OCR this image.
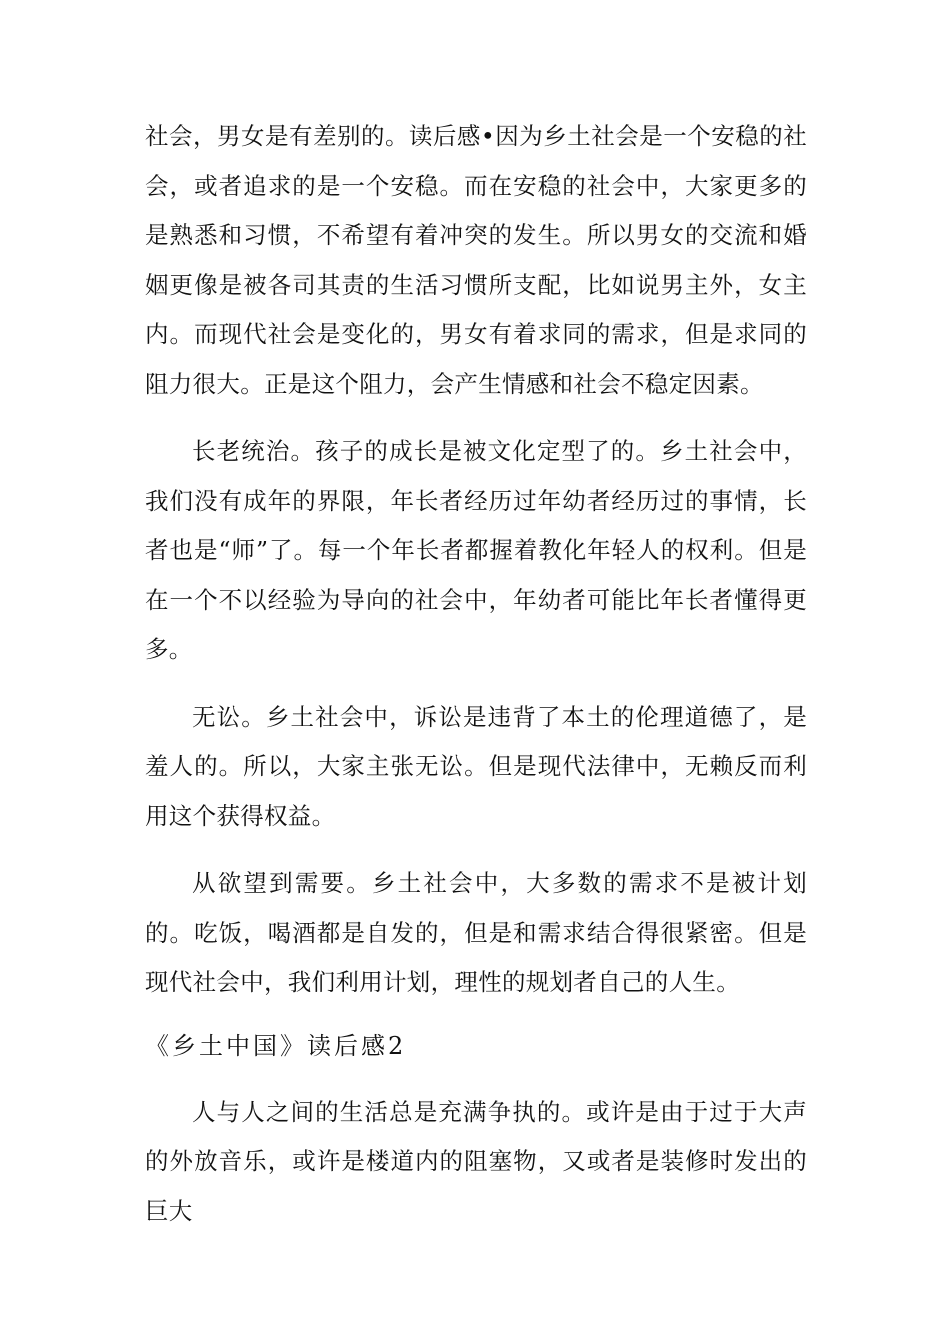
社会，男女是有差别的。读后感•因为乡土社会是一个安稳的社会，或者追求的是一个安稳。而在安稳的社会中，大家更多的是熟悉和习惯，不希望有着冲突的发生。所以男女的交流和婚姻更像是被各司其责的生活习惯所支配，比如说男主外，女主内。而现代社会是变化的，男女有着求同的需求，但是求同的阻力很大。正是这个阻力，会产生情感和社会不稳定因素。

长老统治。孩子的成长是被文化定型了的。乡土社会中，我们没有成年的界限，年长者经历过年幼者经历过的事情，长者也是“师”了。每一个年长者都握着教化年轻人的权利。但是在一个不以经验为导向的社会中，年幼者可能比年长者懂得更多。

无讼。乡土社会中，诉讼是违背了本土的伦理道德了，是羞人的。所以，大家主张无讼。但是现代法律中，无赖反而利用这个获得权益。

从欲望到需要。乡土社会中，大多数的需求不是被计划的。吃饭，喝酒都是自发的，但是和需求结合得很紧密。但是现代社会中，我们利用计划，理性的规划者自己的人生。

《乡土中国》读后感2

人与人之间的生活总是充满争执的。或许是由于过于大声的外放音乐，或许是楼道内的阻塞物，又或者是装修时发出的巨大
